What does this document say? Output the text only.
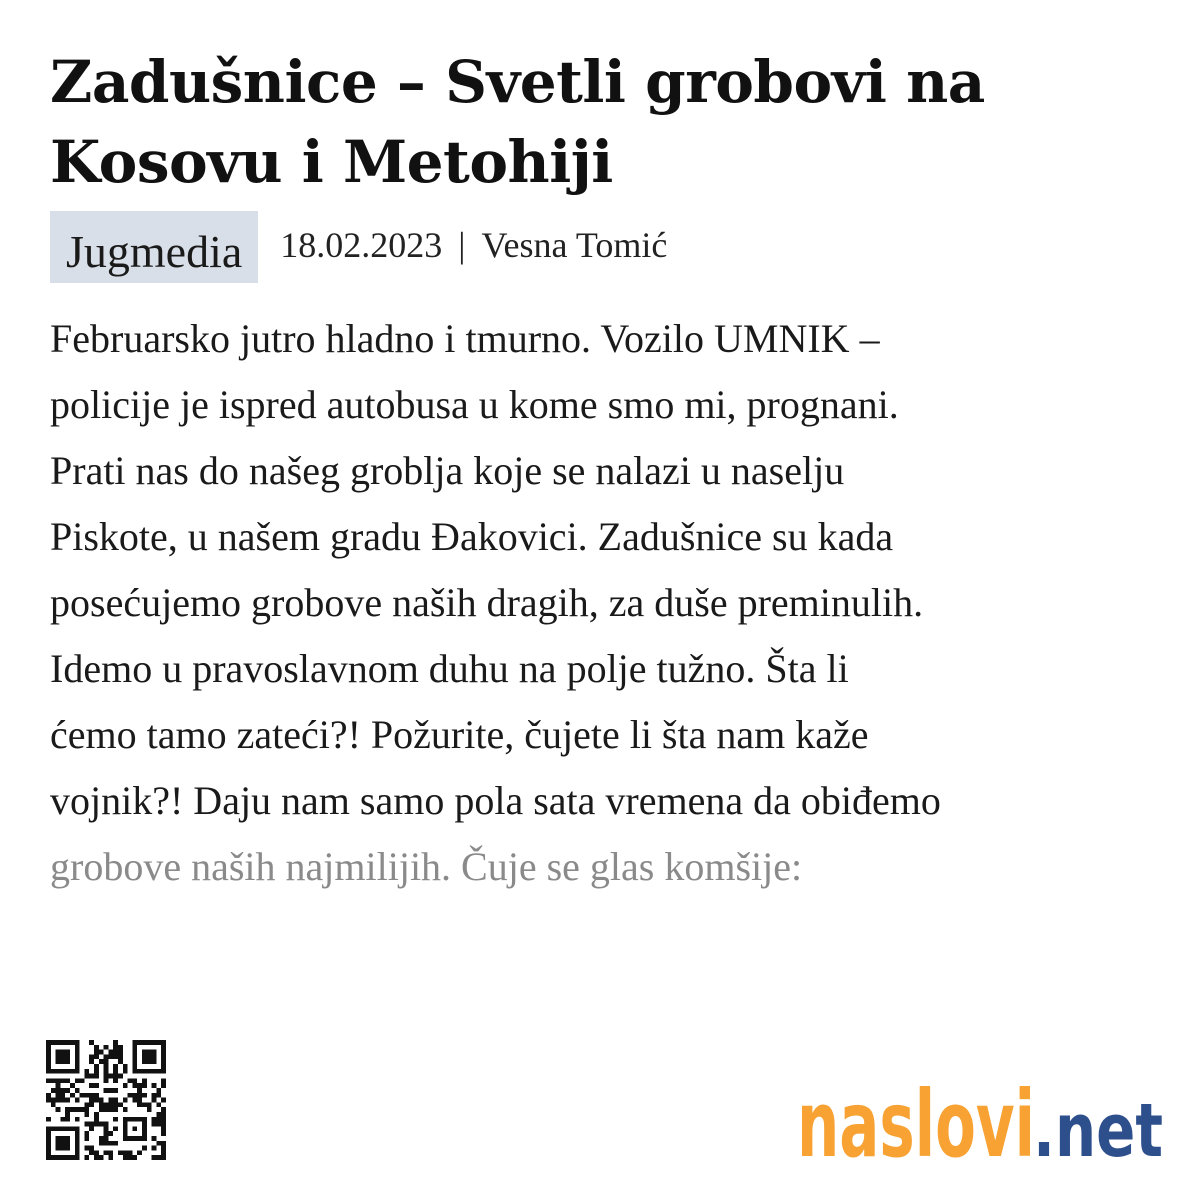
Zadušnice – Svetli grobovi na
Kosovu i Metohiji
Jugmedia 18.02.2023 | Vesna Tomić
Februarsko jutro hladno i tmurno. Vozilo UMNIK –
policije je ispred autobusa u kome smo mi, prognani.
Prati nas do našeg groblja koje se nalazi u naselju
Piskote, u našem gradu Đakovici. Zadušnice su kada
posećujemo grobove naših dragih, za duše preminulih.
Idemo u pravoslavnom duhu na polje tužno. Šta li
ćemo tamo zateći?! Požurite, čujete li šta nam kaže
vojnik?! Daju nam samo pola sata vremena da obiđemo
grobove naših najmilijih. Čuje se glas komšije:
naslovi
.net
